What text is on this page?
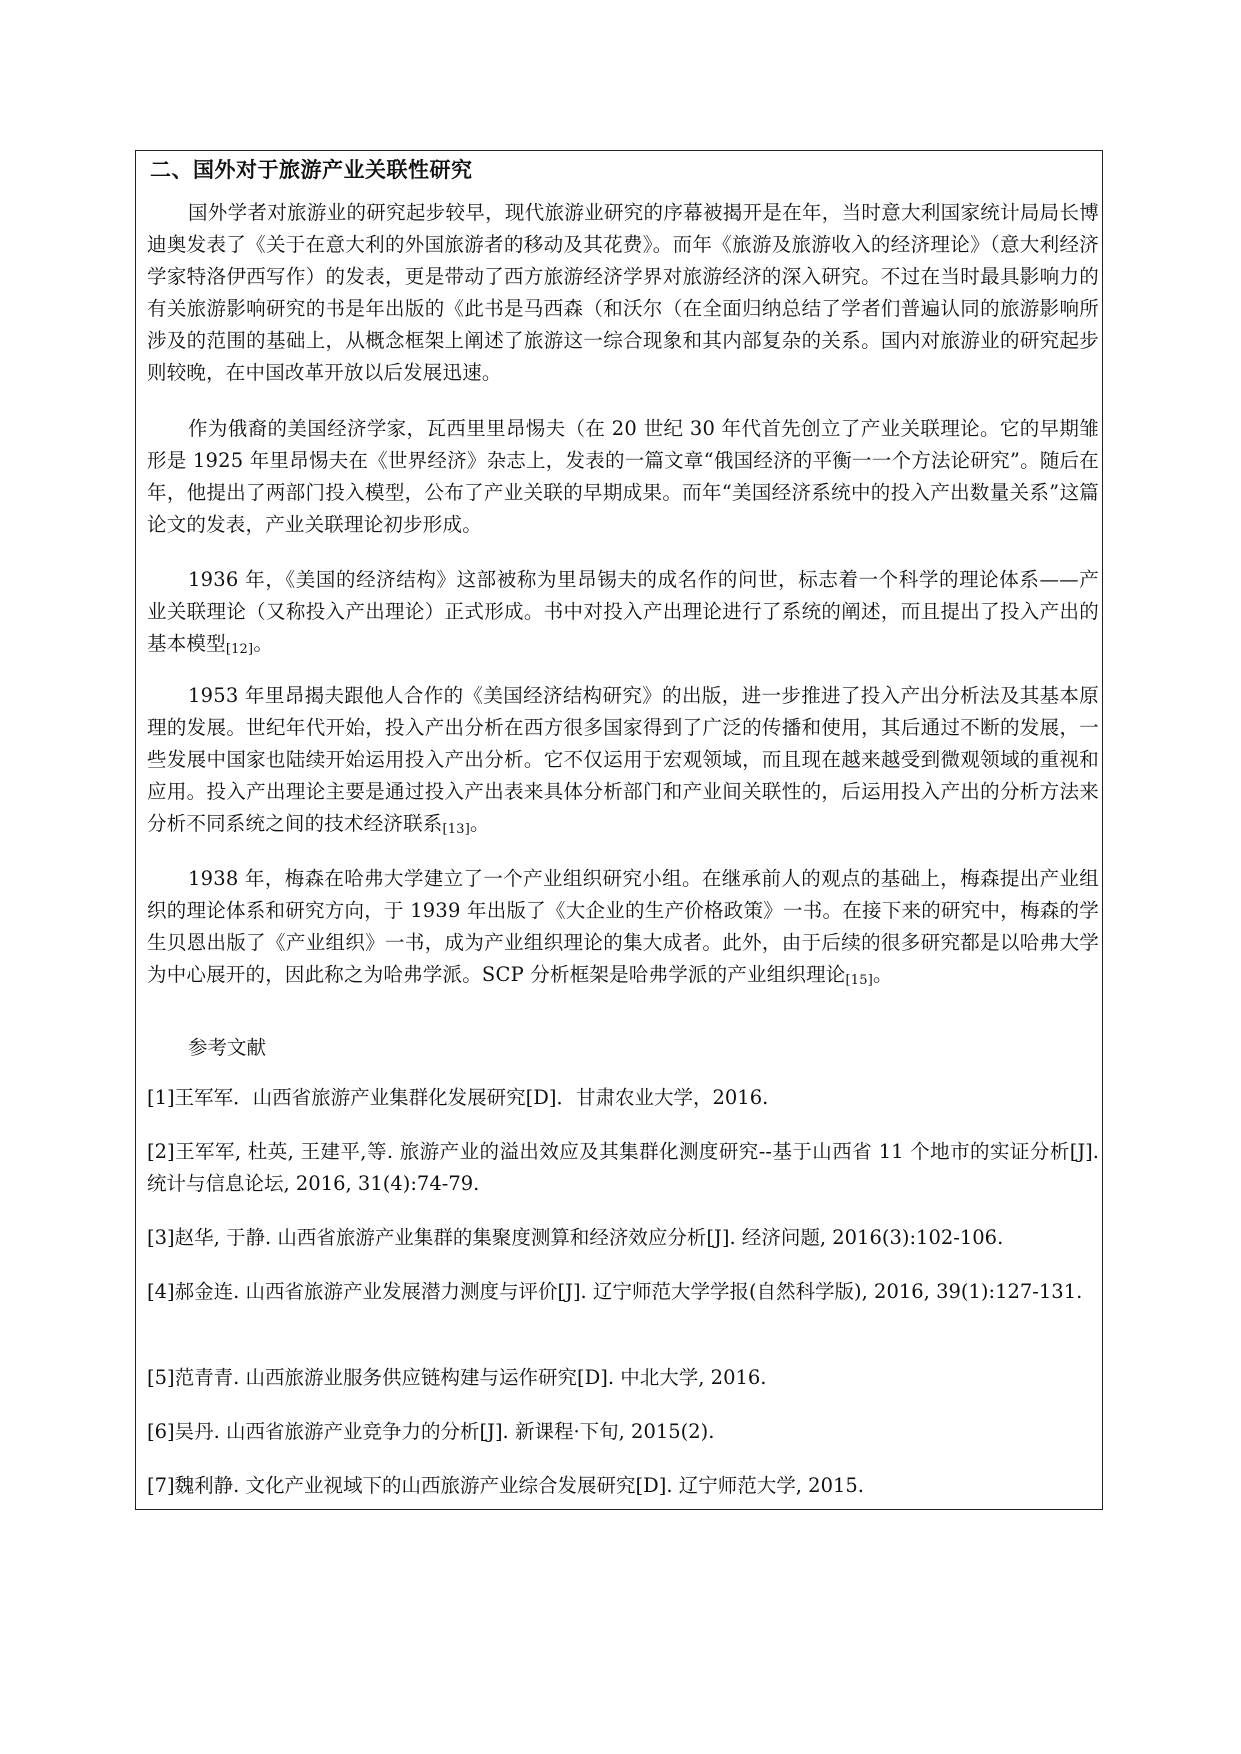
二、国外对于旅游产业关联性研究
国外学者对旅游业的研究起步较早，现代旅游业研究的序幕被揭开是在年，当时意大利国家统计局局长博迪奥发表了《关于在意大利的外国旅游者的移动及其花费》。而年《旅游及旅游收入的经济理论》（意大利经济学家特洛伊西写作）的发表，更是带动了西方旅游经济学界对旅游经济的深入研究。不过在当时最具影响力的有关旅游影响研究的书是年出版的《此书是马西森（和沃尔（在全面归纳总结了学者们普遍认同的旅游影响所涉及的范围的基础上，从概念框架上阐述了旅游这一综合现象和其内部复杂的关系。国内对旅游业的研究起步则较晚，在中国改革开放以后发展迅速。
作为俄裔的美国经济学家，瓦西里里昂惕夫（在 20 世纪 30 年代首先创立了产业关联理论。它的早期雏形是 1925 年里昂惕夫在《世界经济》杂志上，发表的一篇文章“俄国经济的平衡一一个方法论研究”。随后在年，他提出了两部门投入模型，公布了产业关联的早期成果。而年“美国经济系统中的投入产出数量关系”这篇论文的发表，产业关联理论初步形成。
1936 年，《美国的经济结构》这部被称为里昂锡夫的成名作的问世，标志着一个科学的理论体系——产业关联理论（又称投入产出理论）正式形成。书中对投入产出理论进行了系统的阐述，而且提出了投入产出的基本模型$_{[12]}$。
1953 年里昂揭夫跟他人合作的《美国经济结构研究》的出版，进一步推进了投入产出分析法及其基本原理的发展。世纪年代开始，投入产出分析在西方很多国家得到了广泛的传播和使用，其后通过不断的发展，一些发展中国家也陆续开始运用投入产出分析。它不仅运用于宏观领域，而且现在越来越受到微观领域的重视和应用。投入产出理论主要是通过投入产出表来具体分析部门和产业间关联性的，后运用投入产出的分析方法来分析不同系统之间的技术经济联系$_{[13]}$。
1938 年，梅森在哈弗大学建立了一个产业组织研究小组。在继承前人的观点的基础上，梅森提出产业组织的理论体系和研究方向，于 1939 年出版了《大企业的生产价格政策》一书。在接下来的研究中，梅森的学生贝恩出版了《产业组织》一书，成为产业组织理论的集大成者。此外，由于后续的很多研究都是以哈弗大学为中心展开的，因此称之为哈弗学派。SCP 分析框架是哈弗学派的产业组织理论$_{[15]}$。
参考文献
[1]王军军．山西省旅游产业集群化发展研究[D]．甘肃农业大学，2016.
[2]王军军, 杜英, 王建平,等. 旅游产业的溢出效应及其集群化测度研究--基于山西省 11 个地市的实证分析[J]. 统计与信息论坛, 2016, 31(4):74-79.
[3]赵华, 于静. 山西省旅游产业集群的集聚度测算和经济效应分析[J]. 经济问题, 2016(3):102-106.
[4]郝金连. 山西省旅游产业发展潜力测度与评价[J]. 辽宁师范大学学报(自然科学版), 2016, 39(1):127-131.
[5]范青青. 山西旅游业服务供应链构建与运作研究[D]. 中北大学, 2016.
[6]吴丹. 山西省旅游产业竞争力的分析[J]. 新课程·下旬, 2015(2).
[7]魏利静. 文化产业视域下的山西旅游产业综合发展研究[D]. 辽宁师范大学, 2015.
